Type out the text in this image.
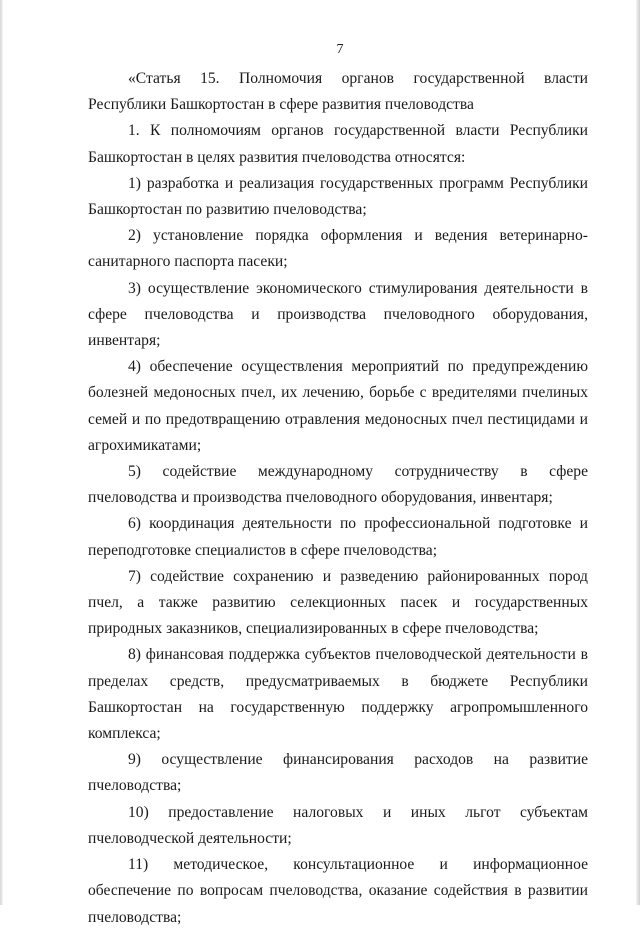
7

«Статья 15. Полномочия органов государственной власти Республики Башкортостан в сфере развития пчеловодства

1. К полномочиям органов государственной власти Республики Башкортостан в целях развития пчеловодства относятся:

1) разработка и реализация государственных программ Республики Башкортостан по развитию пчеловодства;

2) установление порядка оформления и ведения ветеринарно-санитарного паспорта пасеки;

3) осуществление экономического стимулирования деятельности в сфере пчеловодства и производства пчеловодного оборудования, инвентаря;

4) обеспечение осуществления мероприятий по предупреждению болезней медоносных пчел, их лечению, борьбе с вредителями пчелиных семей и по предотвращению отравления медоносных пчел пестицидами и агрохимикатами;

5) содействие международному сотрудничеству в сфере пчеловодства и производства пчеловодного оборудования, инвентаря;

6) координация деятельности по профессиональной подготовке и переподготовке специалистов в сфере пчеловодства;

7) содействие сохранению и разведению районированных пород пчел, а также развитию селекционных пасек и государственных природных заказников, специализированных в сфере пчеловодства;

8) финансовая поддержка субъектов пчеловодческой деятельности в пределах средств, предусматриваемых в бюджете Республики Башкортостан на государственную поддержку агропромышленного комплекса;

9) осуществление финансирования расходов на развитие пчеловодства;

10) предоставление налоговых и иных льгот субъектам пчеловодческой деятельности;

11) методическое, консультационное и информационное обеспечение по вопросам пчеловодства, оказание содействия в развитии пчеловодства;
